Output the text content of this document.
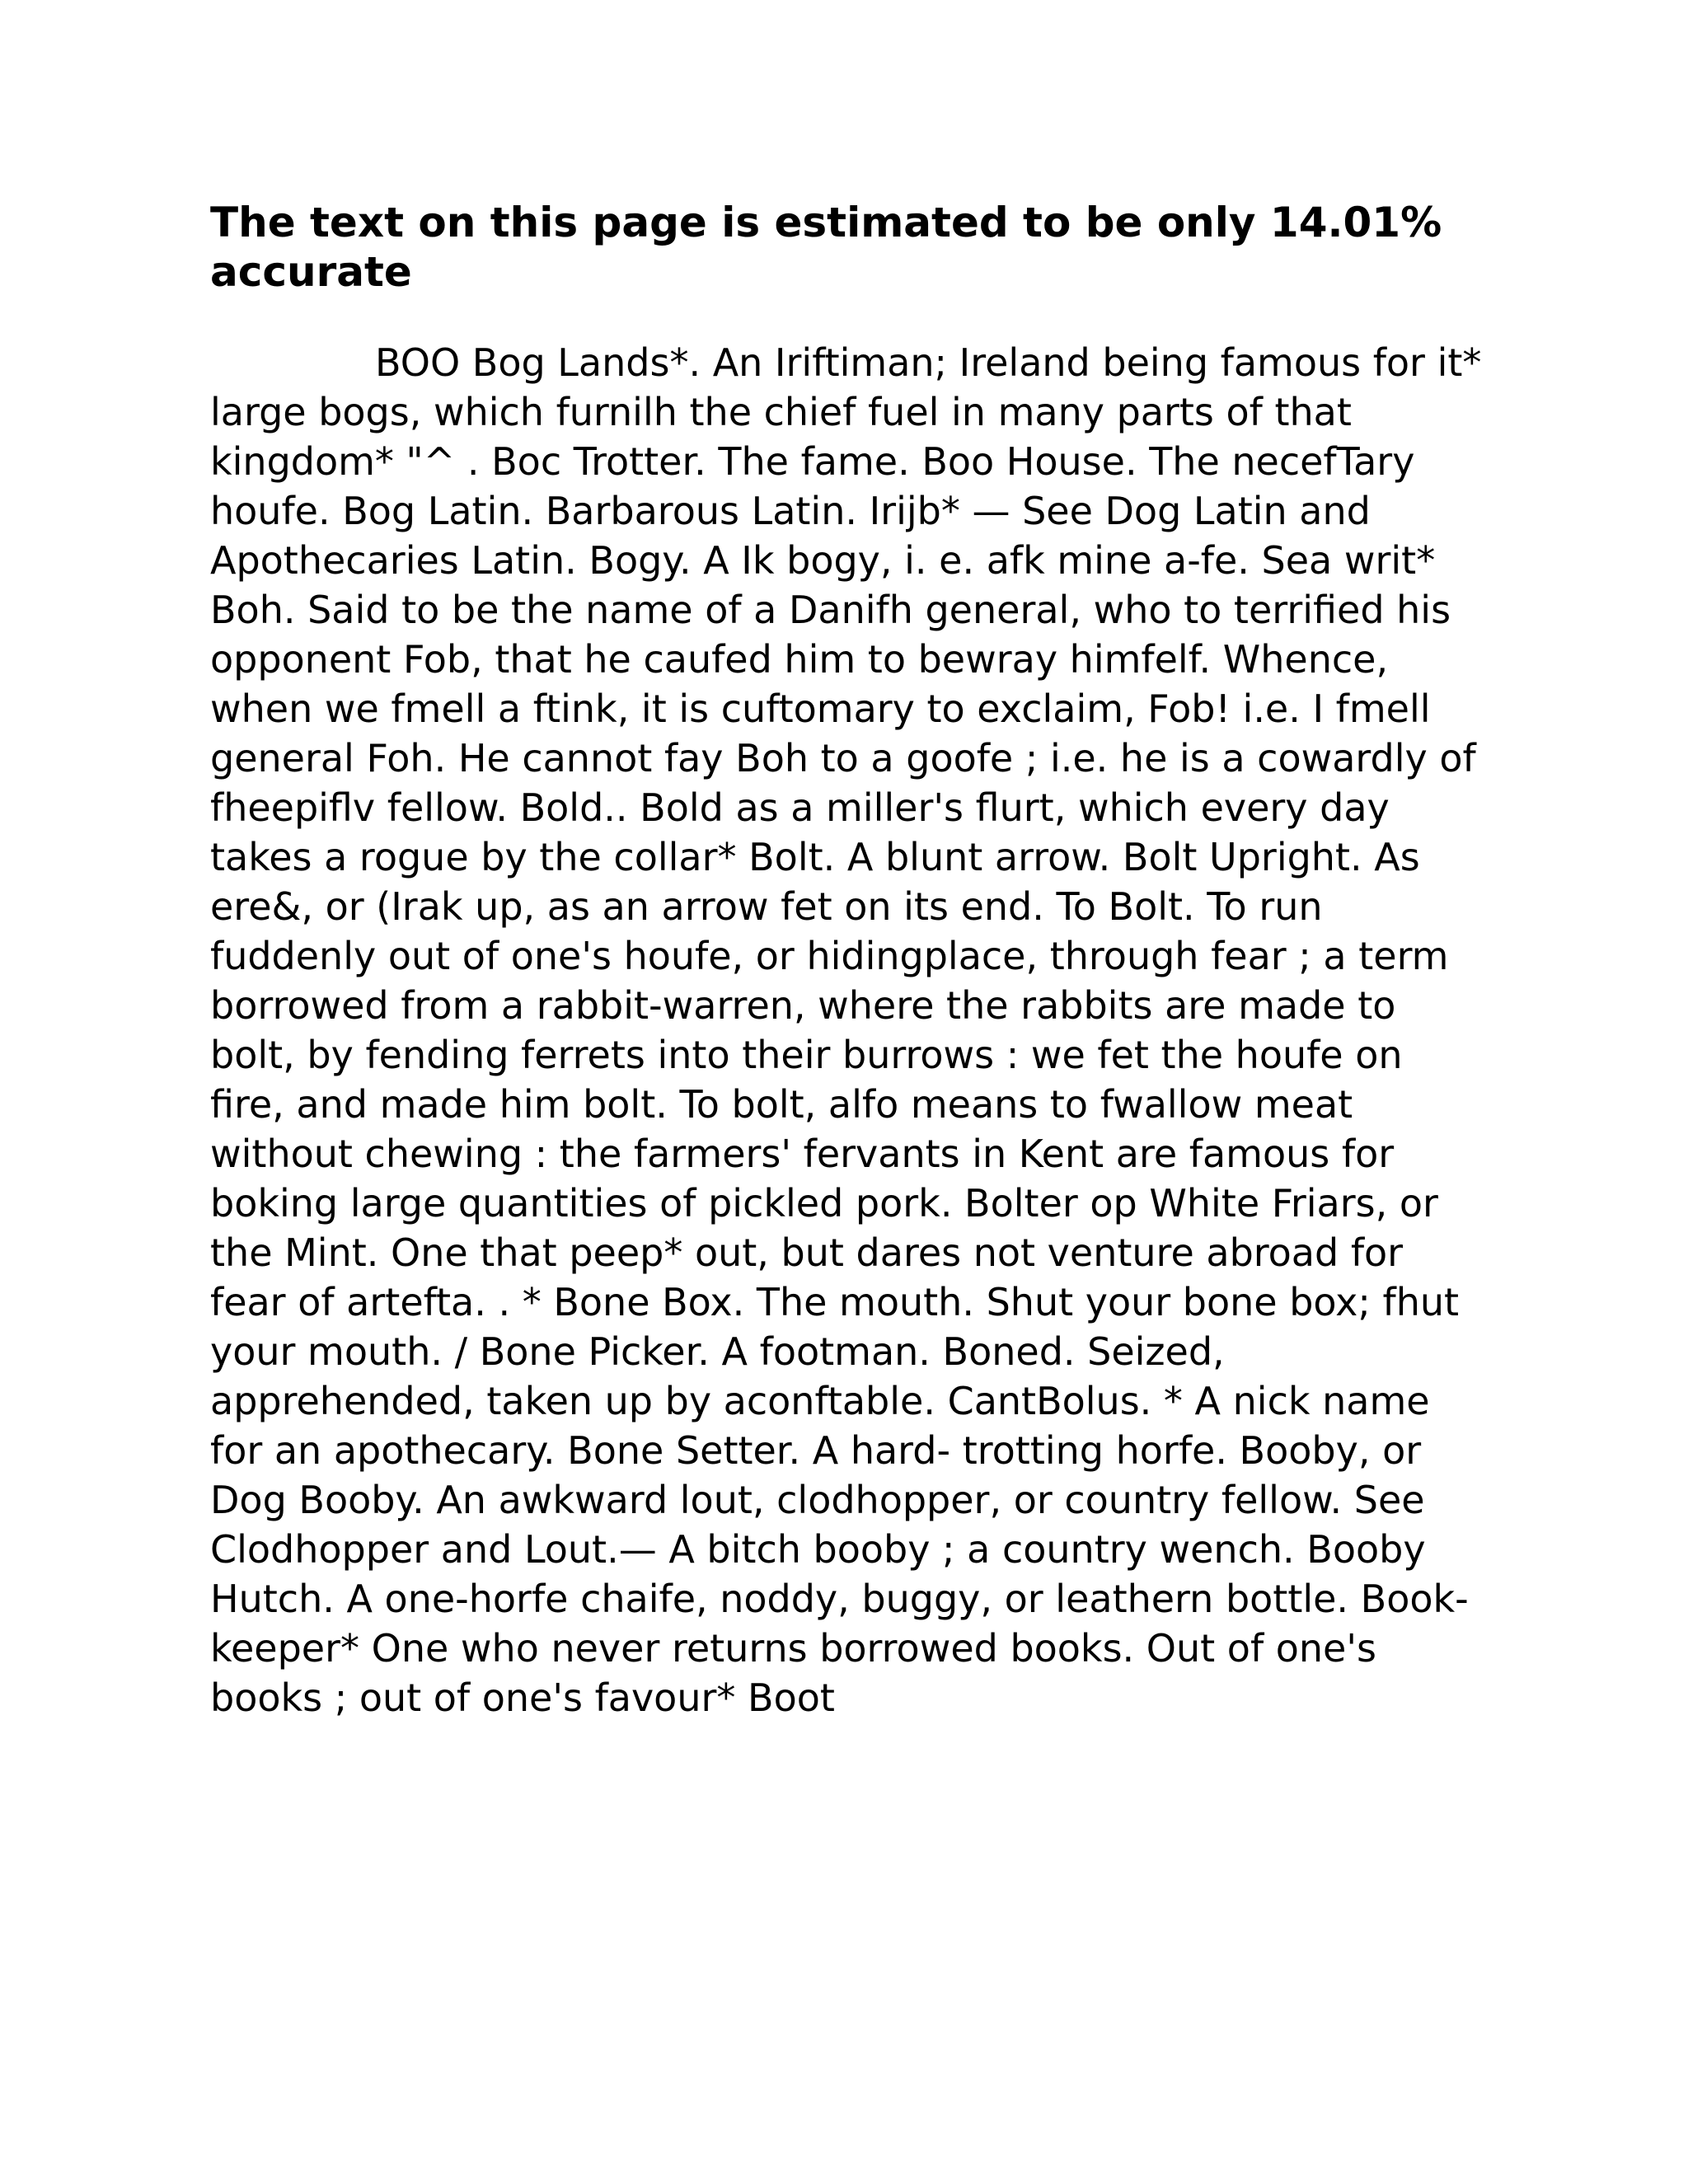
The text on this page is estimated to be only 14.01% accurate

BOO Bog Lands*. An Iriftiman; Ireland being famous for it* large bogs, which furnilh the chief fuel in many parts of that kingdom* "^ . Boc Trotter. The fame. Boo House. The necefTary houfe. Bog Latin. Barbarous Latin. Irijb* — See Dog Latin and Apothecaries Latin. Bogy. A Ik bogy, i. e. afk mine a-fe. Sea writ* Boh. Said to be the name of a Danifh general, who to terrified his opponent Fob, that he caufed him to bewray himfelf. Whence, when we fmell a ftink, it is cuftomary to exclaim, Fob! i.e. I fmell general Foh. He cannot fay Boh to a goofe ; i.e. he is a cowardly of fheepiflv fellow. Bold.. Bold as a miller's flurt, which every day takes a rogue by the collar* Bolt. A blunt arrow. Bolt Upright. As ere&, or (Irak up, as an arrow fet on its end. To Bolt. To run fuddenly out of one's houfe, or hidingplace, through fear ; a term borrowed from a rabbit-warren, where the rabbits are made to bolt, by fending ferrets into their burrows : we fet the houfe on fire, and made him bolt. To bolt, alfo means to fwallow meat without chewing : the farmers' fervants in Kent are famous for boking large quantities of pickled pork. Bolter op White Friars, or the Mint. One that peep* out, but dares not venture abroad for fear of artefta. . * Bone Box. The mouth. Shut your bone box; fhut your mouth. / Bone Picker. A footman. Boned. Seized, apprehended, taken up by aconftable. CantBolus. * A nick name for an apothecary. Bone Setter. A hard- trotting horfe. Booby, or Dog Booby. An awkward lout, clodhopper, or country fellow. See Clodhopper and Lout.— A bitch booby ; a country wench. Booby Hutch. A one-horfe chaife, noddy, buggy, or leathern bottle. Book-keeper* One who never returns borrowed books. Out of one's books ; out of one's favour* Boot
